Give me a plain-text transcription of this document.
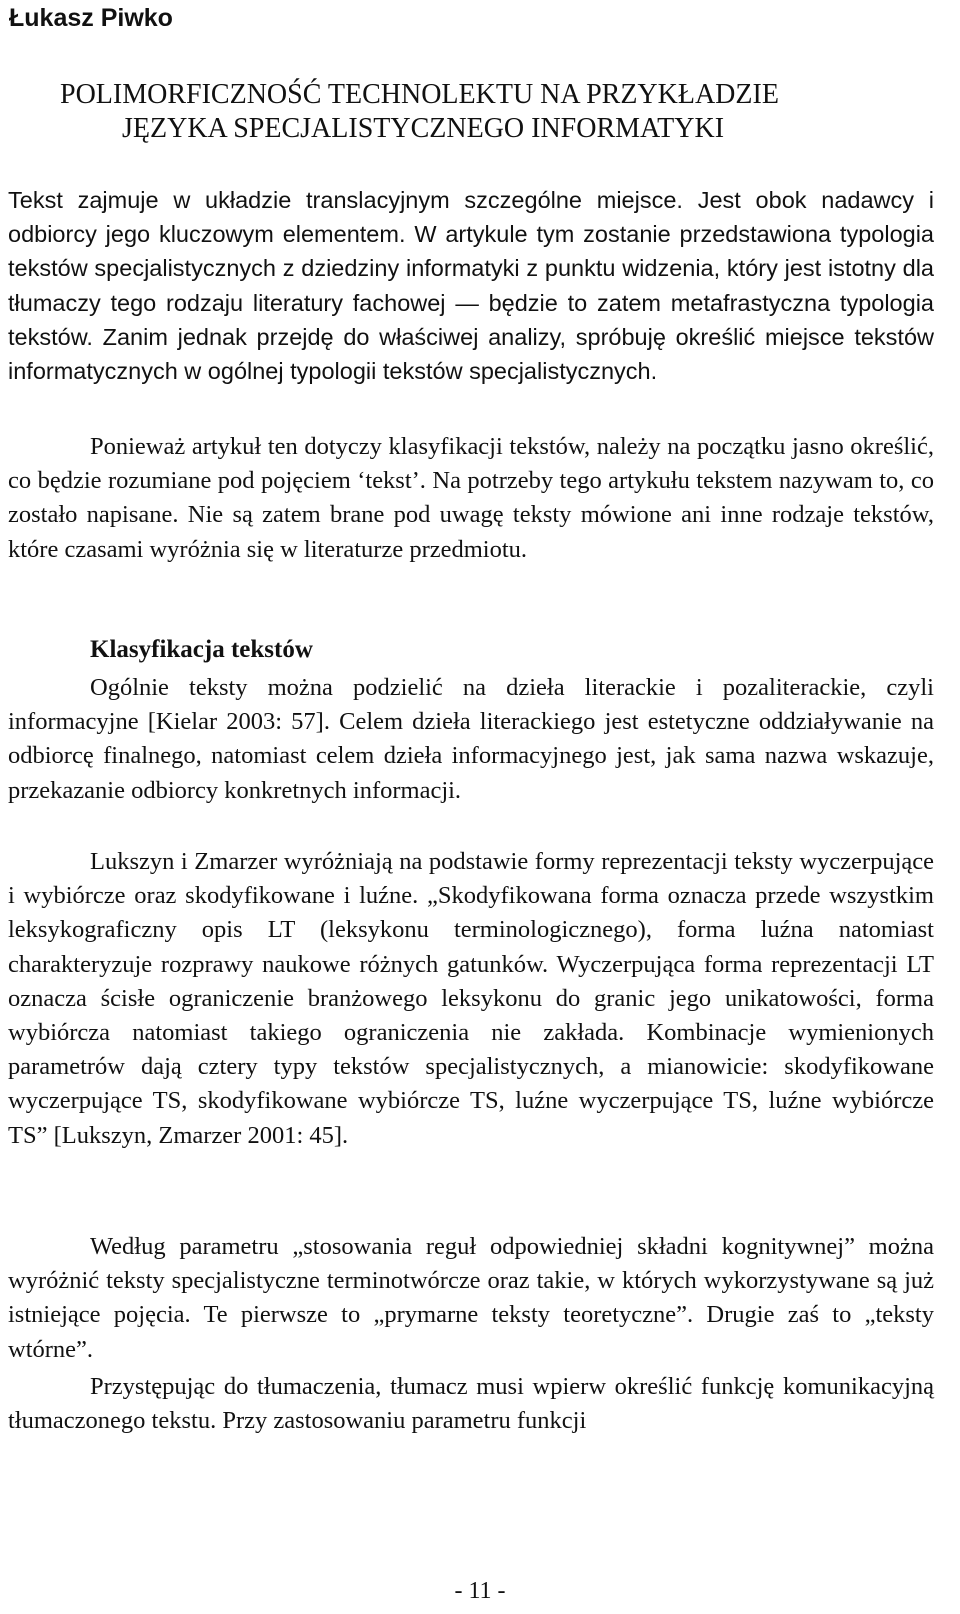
Łukasz Piwko

POLIMORFICZNOŚĆ TECHNOLEKTU NA PRZYKŁADZIE
JĘZYKA SPECJALISTYCZNEGO INFORMATYKI

Tekst zajmuje w układzie translacyjnym szczególne miejsce. Jest obok nadawcy i odbiorcy jego kluczowym elementem. W artykule tym zostanie przedstawiona typologia tekstów specjalistycznych z dziedziny informatyki z punktu widzenia, który jest istotny dla tłumaczy tego rodzaju literatury fachowej — będzie to zatem metafrastyczna typologia tekstów. Zanim jednak przejdę do właściwej analizy, spróbuję określić miejsce tekstów informatycznych w ogólnej typologii tekstów specjalistycznych.

Ponieważ artykuł ten dotyczy klasyfikacji tekstów, należy na początku jasno określić, co będzie rozumiane pod pojęciem ‘tekst’. Na potrzeby tego artykułu tekstem nazywam to, co zostało napisane. Nie są zatem brane pod uwagę teksty mówione ani inne rodzaje tekstów, które czasami wyróżnia się w literaturze przedmiotu.

Klasyfikacja tekstów

Ogólnie teksty można podzielić na dzieła literackie i pozaliterackie, czyli informacyjne [Kielar 2003: 57]. Celem dzieła literackiego jest estetyczne oddziaływanie na odbiorcę finalnego, natomiast celem dzieła informacyjnego jest, jak sama nazwa wskazuje, przekazanie odbiorcy konkretnych informacji.

Lukszyn i Zmarzer wyróżniają na podstawie formy reprezentacji teksty wyczerpujące i wybiórcze oraz skodyfikowane i luźne. „Skodyfikowana forma oznacza przede wszystkim leksykograficzny opis LT (leksykonu terminologicznego), forma luźna natomiast charakteryzuje rozprawy naukowe różnych gatunków. Wyczerpująca forma reprezentacji LT oznacza ścisłe ograniczenie branżowego leksykonu do granic jego unikatowości, forma wybiórcza natomiast takiego ograniczenia nie zakłada. Kombinacje wymienionych parametrów dają cztery typy tekstów specjalistycznych, a mianowicie: skodyfikowane wyczerpujące TS, skodyfikowane wybiórcze TS, luźne wyczerpujące TS, luźne wybiórcze TS” [Lukszyn, Zmarzer 2001: 45].

Według parametru „stosowania reguł odpowiedniej składni kognitywnej” można wyróżnić teksty specjalistyczne terminotwórcze oraz takie, w których wykorzystywane są już istniejące pojęcia. Te pierwsze to „prymarne teksty teoretyczne”. Drugie zaś to „teksty wtórne”.

Przystępując do tłumaczenia, tłumacz musi wpierw określić funkcję komunikacyjną tłumaczonego tekstu. Przy zastosowaniu parametru funkcji

- 11 -
